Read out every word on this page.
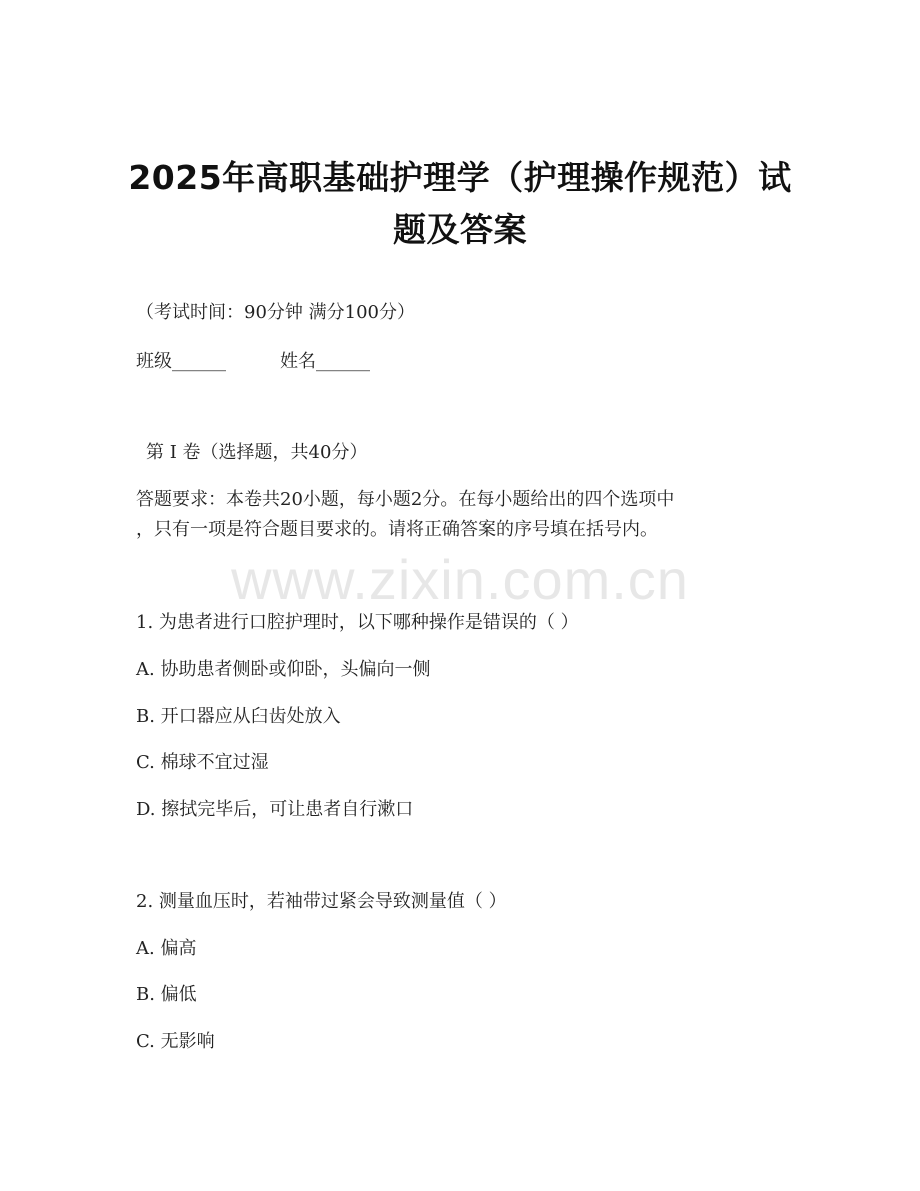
2025年高职基础护理学（护理操作规范）试
题及答案
（考试时间：90分钟 满分100分）
班级______	姓名______
第 I 卷（选择题，共40分）
答题要求：本卷共20小题，每小题2分。在每小题给出的四个选项中
，只有一项是符合题目要求的。请将正确答案的序号填在括号内。
www.zixin.com.cn
1. 为患者进行口腔护理时，以下哪种操作是错误的（ ）
A. 协助患者侧卧或仰卧，头偏向一侧
B. 开口器应从臼齿处放入
C. 棉球不宜过湿
D. 擦拭完毕后，可让患者自行漱口
2. 测量血压时，若袖带过紧会导致测量值（ ）
A. 偏高
B. 偏低
C. 无影响
